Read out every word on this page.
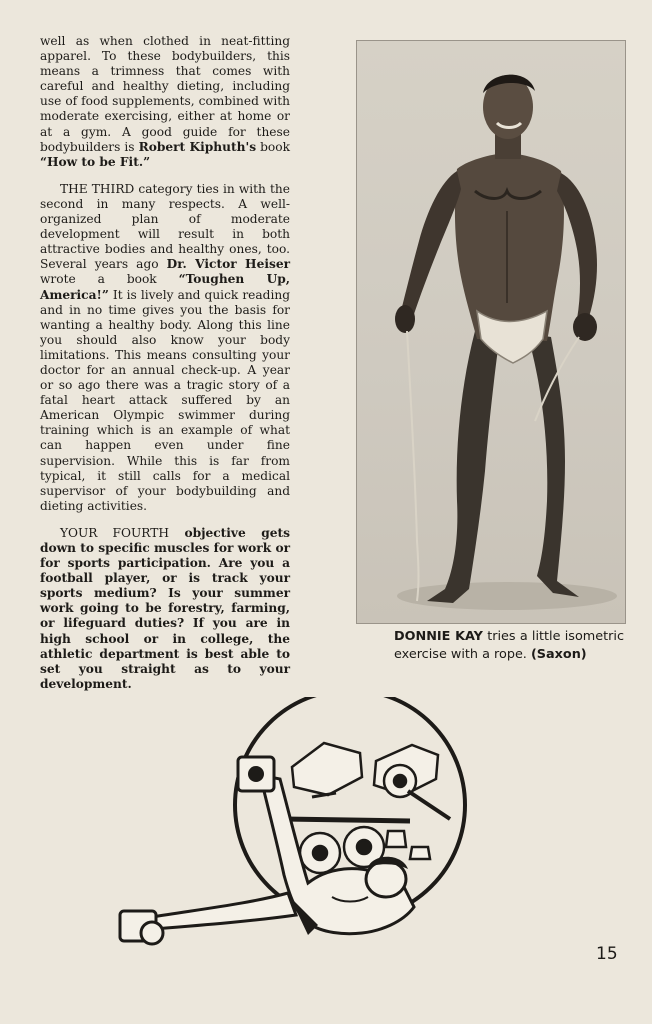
well as when clothed in neat-fitting apparel. To these bodybuilders, this means a trimness that comes with careful and healthy dieting, including use of food supplements, combined with moderate exercising, either at home or at a gym. A good guide for these bodybuilders is Robert Kiphuth's book “How to be Fit.”

THE THIRD category ties in with the second in many respects. A well-organized plan of moderate development will result in both attractive bodies and healthy ones, too. Several years ago Dr. Victor Heiser wrote a book “Toughen Up, America!” It is lively and quick reading and in no time gives you the basis for wanting a healthy body. Along this line you should also know your body limitations. This means consulting your doctor for an annual check-up. A year or so ago there was a tragic story of a fatal heart attack suffered by an American Olympic swimmer during training which is an example of what can happen even under fine supervision. While this is far from typical, it still calls for a medical supervisor of your bodybuilding and dieting activities.

YOUR FOURTH objective gets down to specific muscles for work or for sports participation. Are you a football player, or is track your sports medium? Is your summer work going to be forestry, farming, or lifeguard duties? If you are in high school or in college, the athletic department is best able to set you straight as to your development.

DONNIE KAY tries a little isometric exercise with a rope. (Saxon)
15
